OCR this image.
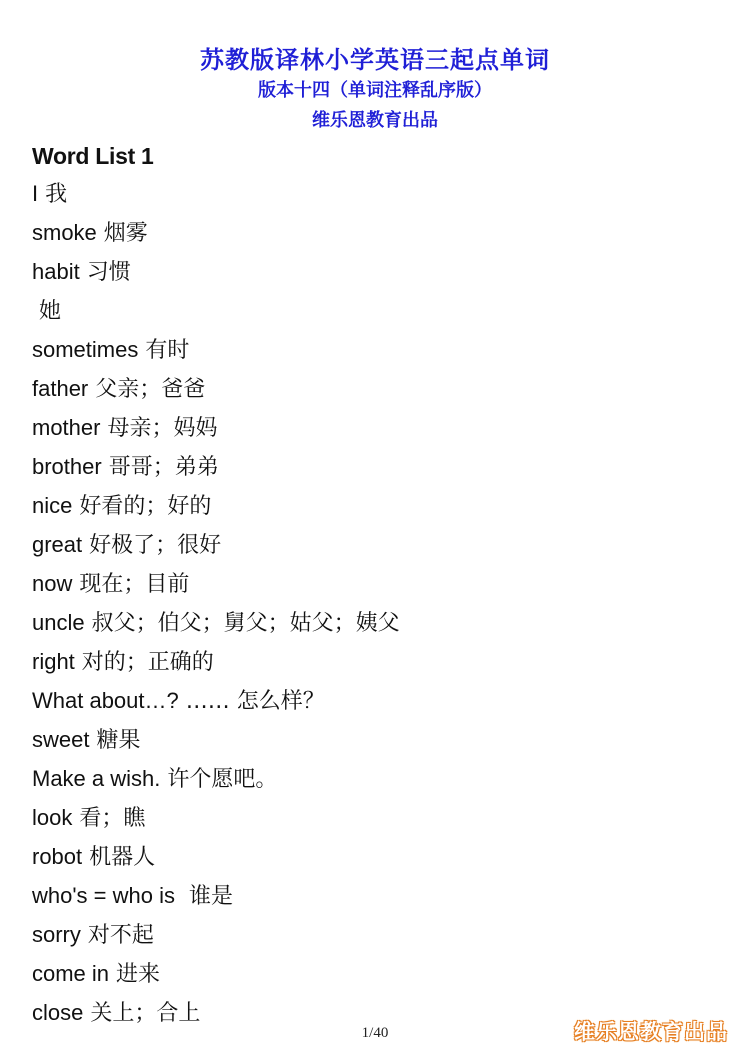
苏教版译林小学英语三起点单词
版本十四（单词注释乱序版）
维乐恩教育出品
Word List 1
I 我
smoke 烟雾
habit 习惯
她
sometimes 有时
father 父亲；爸爸
mother 母亲；妈妈
brother 哥哥；弟弟
nice 好看的；好的
great 好极了；很好
now 现在；目前
uncle 叔父；伯父；舅父；姑父；姨父
right 对的；正确的
What about…? …… 怎么样？
sweet 糖果
Make a wish. 许个愿吧。
look 看；瞧
robot 机器人
who's = who is  谁是
sorry 对不起
come in 进来
close 关上；合上
1/40	维乐恩教育出品
